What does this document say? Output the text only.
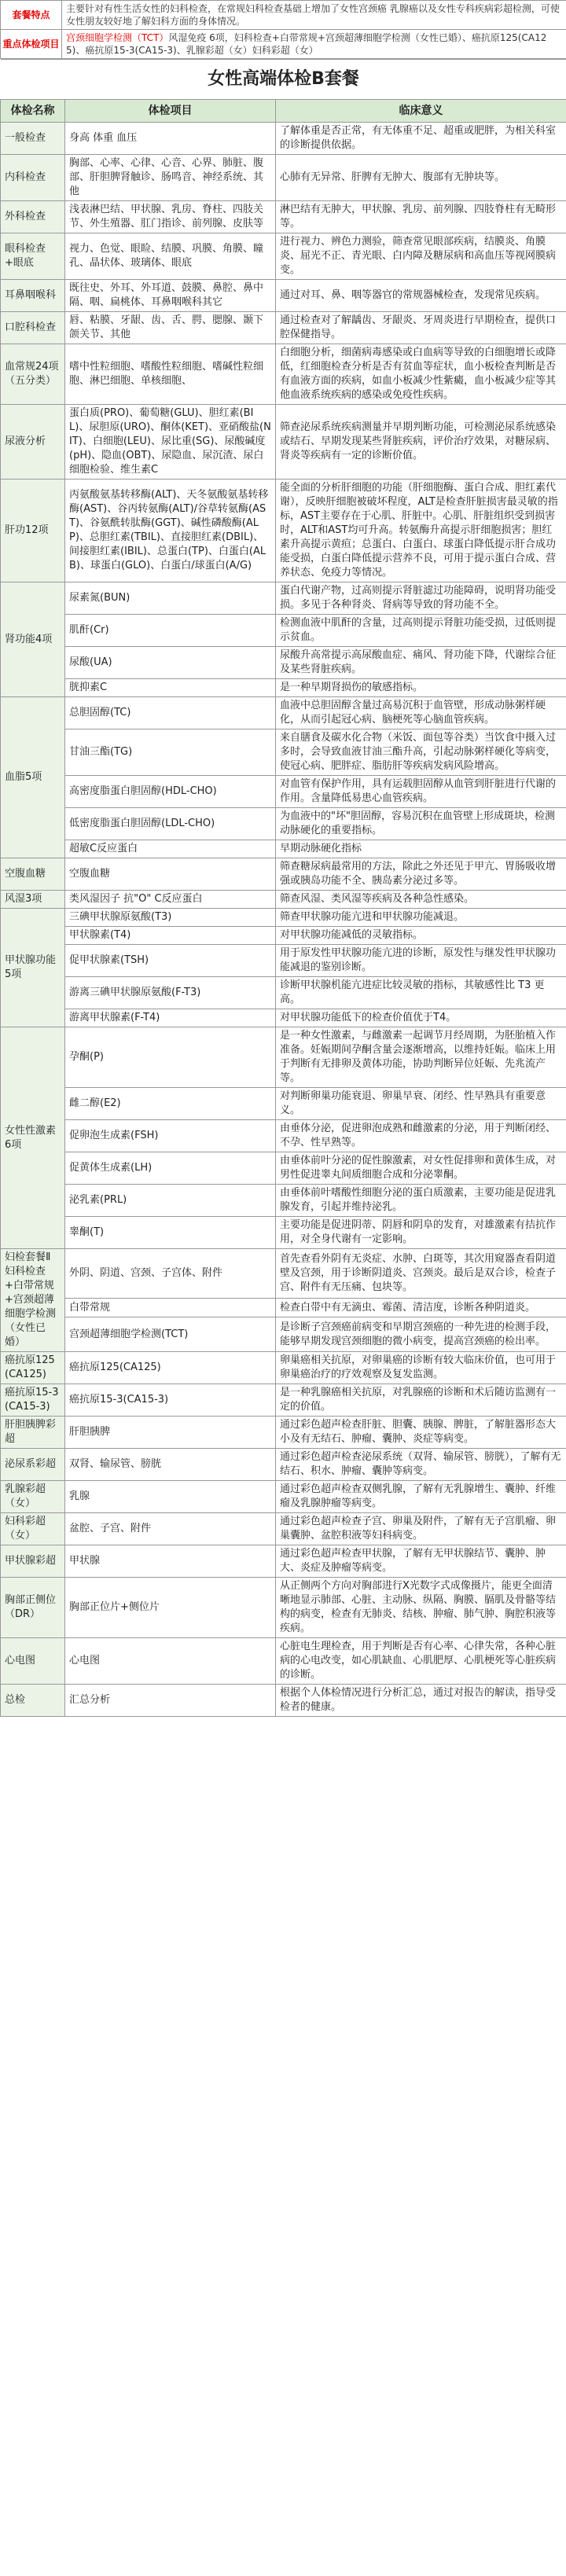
套餐特点	主要针对有性生活女性的妇科检查，在常规妇科检查基础上增加了女性宫颈癌 乳腺癌以及女性专科疾病彩超检测，可使女性朋友较好地了解妇科方面的身体情况。
重点体检项目	宫颈细胞学检测（TCT）风湿免疫 6项，妇科检查+白带常规+宫颈超薄细胞学检测（女性已婚）、癌抗原125(CA125)、癌抗原15-3(CA15-3)、乳腺彩超（女）妇科彩超（女）
女性高端体检B套餐		
体检名称	体检项目	临床意义
一般检查	身高 体重 血压	了解体重是否正常，有无体重不足、超重或肥胖，为相关科室的诊断提供依据。
内科检查	胸部、心率、心律、心音、心界、肺脏、腹部、肝胆脾肾触诊、肠鸣音、神经系统、其他	心肺有无异常、肝脾有无肿大、腹部有无肿块等。
外科检查	浅表淋巴结、甲状腺、乳房、脊柱、四肢关节、外生殖器、肛门指诊、前列腺、皮肤等	淋巴结有无肿大，甲状腺、乳房、前列腺、四肢脊柱有无畸形等。
眼科检查+眼底	视力、色觉、眼睑、结膜、巩膜、角膜、瞳孔、晶状体、玻璃体、眼底	进行视力、辨色力测验，筛查常见眼部疾病，结膜炎、角膜炎、屈光不正、青光眼、白内障及糖尿病和高血压等视网膜病变。
耳鼻咽喉科	既往史、外耳、外耳道、鼓膜、鼻腔、鼻中隔、咽、扁桃体、耳鼻咽喉科其它	通过对耳、鼻、咽等器官的常规器械检查，发现常见疾病。
口腔科检查	唇、粘膜、牙龈、齿、舌、腭、腮腺、颞下颌关节、其他	通过检查对了解龋齿、牙龈炎、牙周炎进行早期检查，提供口腔保健指导。
血常规24项（五分类）	嗜中性粒细胞、嗜酸性粒细胞、嗜碱性粒细胞、淋巴细胞、单核细胞、	白细胞分析，细菌病毒感染或白血病等导致的白细胞增长或降低，红细胞检查分析是否有贫血等症状，血小板检查判断是否有血液方面的疾病，如血小板减少性紫癜，血小板减少症等其他血液系统疾病的感染或免疫性疾病。
尿液分析	蛋白质(PRO)、葡萄糖(GLU)、胆红素(BIL)、尿胆原(URO)、酮体(KET)、亚硝酸盐(NIT)、白细胞(LEU)、尿比重(SG)、尿酸碱度(pH)、隐血(OBT)、尿隐血、尿沉渣、尿白细胞检验、维生素C	筛查泌尿系统疾病测量并早期判断功能，可检测泌尿系统感染或结石、早期发现某些肾脏疾病，评价治疗效果，对糖尿病、肾炎等疾病有一定的诊断价值。
肝功12项	丙氨酸氨基转移酶(ALT)、天冬氨酸氨基转移酶(AST)、谷丙转氨酶(ALT)/谷草转氨酶(AST)、谷氨酰转肽酶(GGT)、碱性磷酸酶(ALP)、总胆红素(TBIL)、直接胆红素(DBIL)、间接胆红素(IBIL)、总蛋白(TP)、白蛋白(ALB)、球蛋白(GLO)、白蛋白/球蛋白(A/G)	能全面的分析肝细胞的功能（肝细胞酶、蛋白合成、胆红素代谢），反映肝细胞被破坏程度，ALT是检查肝脏损害最灵敏的指标，AST主要存在于心肌、肝脏中。心肌、肝脏组织受到损害时，ALT和AST均可升高。转氨酶升高提示肝细胞损害；胆红素升高提示黄疸；总蛋白、白蛋白、球蛋白降低提示肝合成功能受损，白蛋白降低提示营养不良，可用于提示蛋白合成、营养状态、免疫力等情况。
肾功能4项	尿素氮(BUN)	蛋白代谢产物，过高则提示肾脏滤过功能障碍，说明肾功能受损。多见于各种肾炎、肾病等导致的肾功能不全。
	肌酐(Cr)	检测血液中肌酐的含量，过高则提示肾脏功能受损，过低则提示贫血。
	尿酸(UA)	尿酸升高常提示高尿酸血症、痛风、肾功能下降，代谢综合征及某些肾脏疾病。
	胱抑素C	是一种早期肾损伤的敏感指标。
血脂5项	总胆固醇(TC)	血液中总胆固醇含量过高易沉积于血管壁，形成动脉粥样硬化，从而引起冠心病、脑梗死等心脑血管疾病。
	甘油三酯(TG)	来自膳食及碳水化合物（米饭、面包等谷类）当饮食中摄入过多时，会导致血液甘油三酯升高，引起动脉粥样硬化等病变，使冠心病、肥胖症、脂肪肝等疾病发病风险增高。
	高密度脂蛋白胆固醇(HDL-CHO)	对血管有保护作用，具有运载胆固醇从血管到肝脏进行代谢的作用。含量降低易患心血管疾病。
	低密度脂蛋白胆固醇(LDL-CHO)	为血液中的"坏"胆固醇，容易沉积在血管壁上形成斑块，检测动脉硬化的重要指标。
	超敏C反应蛋白	早期动脉硬化指标
空腹血糖	空腹血糖	筛查糖尿病最常用的方法，除此之外还见于甲亢、胃肠吸收增强或胰岛功能不全、胰岛素分泌过多等。
风湿3项	类风湿因子 抗"O" C反应蛋白	筛查风湿、类风湿等疾病及各种急性感染。
甲状腺功能5项	三碘甲状腺原氨酸(T3)	筛查甲状腺功能亢进和甲状腺功能减退。
	甲状腺素(T4)	对甲状腺功能减低的灵敏指标。
	促甲状腺素(TSH)	用于原发性甲状腺功能亢进的诊断，原发性与继发性甲状腺功能减退的鉴别诊断。
	游离三碘甲状腺原氨酸(F-T3)	诊断甲状腺机能亢进症比较灵敏的指标，其敏感性比 T3 更高。
	游离甲状腺素(F-T4)	对甲状腺功能低下的检查价值优于T4。
女性性激素 6项	孕酮(P)	是一种女性激素，与雌激素一起调节月经周期，为胚胎植入作准备。妊娠期间孕酮含量会逐渐增高，以维持妊娠。临床上用于判断有无排卵及黄体功能，协助判断异位妊娠、先兆流产等。
	雌二醇(E2)	对判断卵巢功能衰退、卵巢早衰、闭经、性早熟具有重要意义。
	促卵泡生成素(FSH)	由垂体分泌，促进卵泡成熟和雌激素的分泌，用于判断闭经、不孕、性早熟等。
	促黄体生成素(LH)	由垂体前叶分泌的促性腺激素，对女性促排卵和黄体生成，对男性促进睾丸间质细胞合成和分泌睾酮。
	泌乳素(PRL)	由垂体前叶嗜酸性细胞分泌的蛋白质激素，主要功能是促进乳腺发育，引起并维持泌乳。
	睾酮(T)	主要功能是促进阴蒂、阴唇和阴阜的发育，对雄激素有拮抗作用，对全身代谢有一定影响。
妇检套餐Ⅱ 妇科检查+白带常规+宫颈超薄细胞学检测（女性已婚）	外阴、阴道、宫颈、子宫体、附件	首先查看外阴有无炎症、水肿、白斑等，其次用窥器查看阴道壁及宫颈，用于诊断阴道炎、宫颈炎。最后是双合诊，检查子宫、附件有无压痛、包块等。
	白带常规	检查白带中有无滴虫、霉菌、清洁度，诊断各种阴道炎。
	宫颈超薄细胞学检测(TCT)	是诊断子宫颈癌前病变和早期宫颈癌的一种先进的检测手段，能够早期发现宫颈细胞的微小病变，提高宫颈癌的检出率。
癌抗原125(CA125)	癌抗原125(CA125)	卵巢癌相关抗原，对卵巢癌的诊断有较大临床价值，也可用于卵巢癌治疗的疗效观察及复发监测。
癌抗原15-3(CA15-3)	癌抗原15-3(CA15-3)	是一种乳腺癌相关抗原，对乳腺癌的诊断和术后随访监测有一定的价值。
肝胆胰脾彩超	肝胆胰脾	通过彩色超声检查肝脏、胆囊、胰腺、脾脏，了解脏器形态大小及有无结石、肿瘤、囊肿、炎症等病变。
泌尿系彩超	双肾、输尿管、膀胱	通过彩色超声检查泌尿系统（双肾、输尿管、膀胱），了解有无结石、积水、肿瘤、囊肿等病变。
乳腺彩超（女）	乳腺	通过彩色超声检查双侧乳腺，了解有无乳腺增生、囊肿、纤维瘤及乳腺肿瘤等病变。
妇科彩超（女）	盆腔、子宫、附件	通过彩色超声检查子宫、卵巢及附件，了解有无子宫肌瘤、卵巢囊肿、盆腔积液等妇科病变。
甲状腺彩超	甲状腺	通过彩色超声检查甲状腺，了解有无甲状腺结节、囊肿、肿大、炎症及肿瘤等病变。
胸部正侧位（DR）	胸部正位片+侧位片	从正侧两个方向对胸部进行X光数字式成像摄片，能更全面清晰地显示肺部、心脏、主动脉、纵隔、胸膜、膈肌及骨骼等结构的病变，检查有无肺炎、结核、肿瘤、肺气肿、胸腔积液等疾病。
心电图	心电图	心脏电生理检查，用于判断是否有心率、心律失常，各种心脏病的心电改变，如心肌缺血、心肌肥厚、心肌梗死等心脏疾病的诊断。
总检	汇总分析	根据个人体检情况进行分析汇总，通过对报告的解读，指导受检者的健康。
